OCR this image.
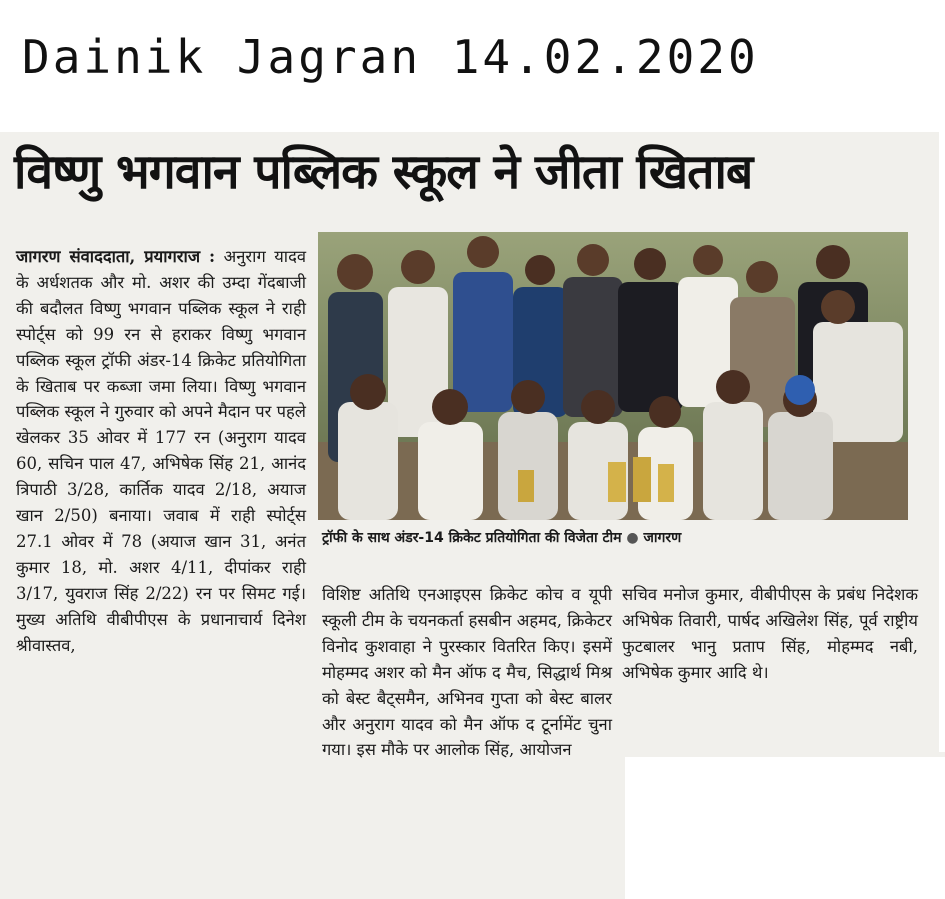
Dainik Jagran 14.02.2020
विष्णु भगवान पब्लिक स्कूल ने जीता खिताब
जागरण संवाददाता, प्रयागराज : अनुराग यादव के अर्धशतक और मो. अशर की उम्दा गेंदबाजी की बदौलत विष्णु भगवान पब्लिक स्कूल ने राही स्पोर्ट्स को 99 रन से हराकर विष्णु भगवान पब्लिक स्कूल ट्रॉफी अंडर-14 क्रिकेट प्रतियोगिता के खिताब पर कब्जा जमा लिया। विष्णु भगवान पब्लिक स्कूल ने गुरुवार को अपने मैदान पर पहले खेलकर 35 ओवर में 177 रन (अनुराग यादव 60, सचिन पाल 47, अभिषेक सिंह 21, आनंद त्रिपाठी 3/28, कार्तिक यादव 2/18, अयाज खान 2/50) बनाया। जवाब में राही स्पोर्ट्स 27.1 ओवर में 78 (अयाज खान 31, अनंत कुमार 18, मो. अशर 4/11, दीपांकर राही 3/17, युवराज सिंह 2/22) रन पर सिमट गई। मुख्य अतिथि वीबीपीएस के प्रधानाचार्य दिनेश श्रीवास्तव,
ट्रॉफी के साथ अंडर-14 क्रिकेट प्रतियोगिता की विजेता टीम ● जागरण
विशिष्ट अतिथि एनआइएस क्रिकेट कोच व यूपी स्कूली टीम के चयनकर्ता हसबीन अहमद, क्रिकेटर विनोद कुशवाहा ने पुरस्कार वितरित किए। इसमें मोहम्मद अशर को मैन ऑफ द मैच, सिद्धार्थ मिश्र को बेस्ट बैट्समैन, अभिनव गुप्ता को बेस्ट बालर और अनुराग यादव को मैन ऑफ द टूर्नामेंट चुना गया। इस मौके पर आलोक सिंह, आयोजन
सचिव मनोज कुमार, वीबीपीएस के प्रबंध निदेशक अभिषेक तिवारी, पार्षद अखिलेश सिंह, पूर्व राष्ट्रीय फुटबालर भानु प्रताप सिंह, मोहम्मद नबी, अभिषेक कुमार आदि थे।
